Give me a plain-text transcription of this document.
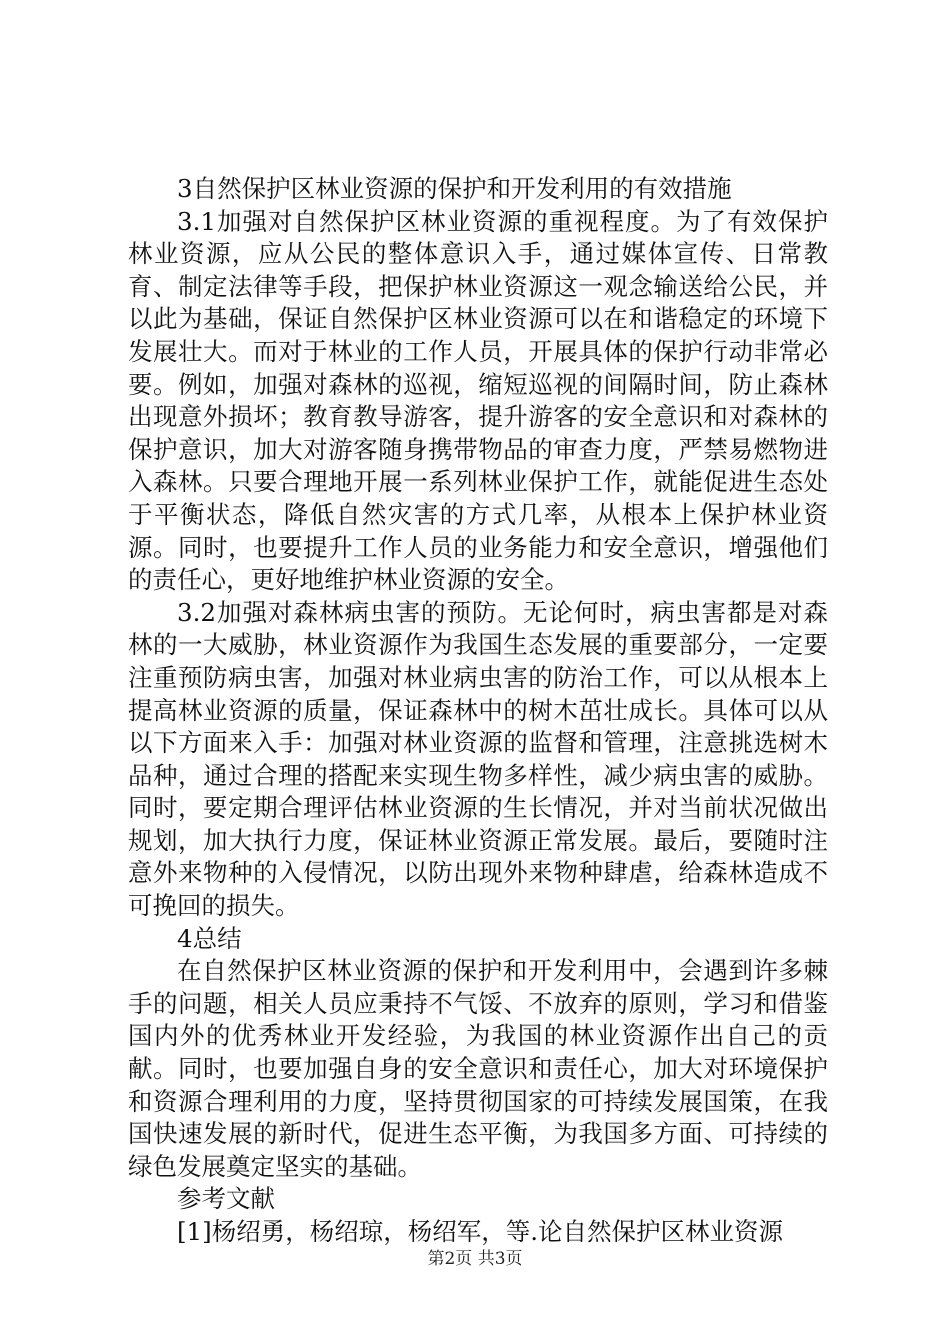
3自然保护区林业资源的保护和开发利用的有效措施

3.1加强对自然保护区林业资源的重视程度。为了有效保护林业资源，应从公民的整体意识入手，通过媒体宣传、日常教育、制定法律等手段，把保护林业资源这一观念输送给公民，并以此为基础，保证自然保护区林业资源可以在和谐稳定的环境下发展壮大。而对于林业的工作人员，开展具体的保护行动非常必要。例如，加强对森林的巡视，缩短巡视的间隔时间，防止森林出现意外损坏；教育教导游客，提升游客的安全意识和对森林的保护意识，加大对游客随身携带物品的审查力度，严禁易燃物进入森林。只要合理地开展一系列林业保护工作，就能促进生态处于平衡状态，降低自然灾害的方式几率，从根本上保护林业资源。同时，也要提升工作人员的业务能力和安全意识，增强他们的责任心，更好地维护林业资源的安全。

3.2加强对森林病虫害的预防。无论何时，病虫害都是对森林的一大威胁，林业资源作为我国生态发展的重要部分，一定要注重预防病虫害，加强对林业病虫害的防治工作，可以从根本上提高林业资源的质量，保证森林中的树木茁壮成长。具体可以从以下方面来入手：加强对林业资源的监督和管理，注意挑选树木品种，通过合理的搭配来实现生物多样性，减少病虫害的威胁。同时，要定期合理评估林业资源的生长情况，并对当前状况做出规划，加大执行力度，保证林业资源正常发展。最后，要随时注意外来物种的入侵情况，以防出现外来物种肆虐，给森林造成不可挽回的损失。

4总结

在自然保护区林业资源的保护和开发利用中，会遇到许多棘手的问题，相关人员应秉持不气馁、不放弃的原则，学习和借鉴国内外的优秀林业开发经验，为我国的林业资源作出自己的贡献。同时，也要加强自身的安全意识和责任心，加大对环境保护和资源合理利用的力度，坚持贯彻国家的可持续发展国策，在我国快速发展的新时代，促进生态平衡，为我国多方面、可持续的绿色发展奠定坚实的基础。

参考文献

[1]杨绍勇，杨绍琼，杨绍军，等.论自然保护区林业资源

第2页 共3页
